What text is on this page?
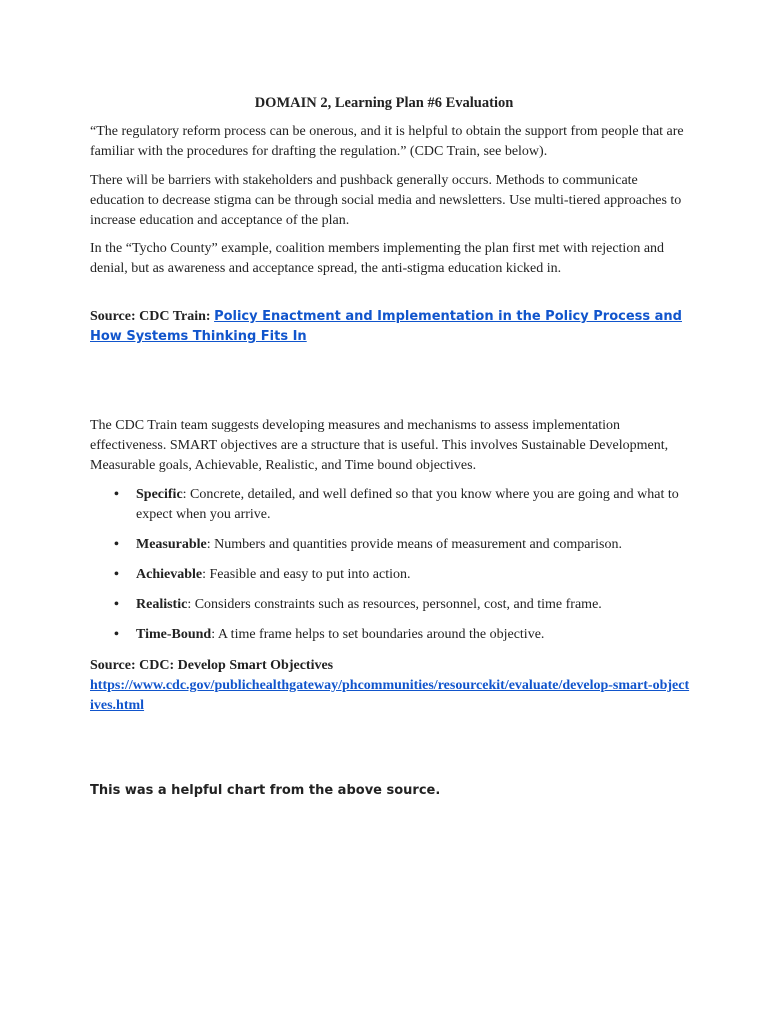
DOMAIN 2, Learning Plan #6 Evaluation

“The regulatory reform process can be onerous, and it is helpful to obtain the support from people that are familiar with the procedures for drafting the regulation.” (CDC Train, see below).

There will be barriers with stakeholders and pushback generally occurs. Methods to communicate education to decrease stigma can be through social media and newsletters. Use multi-tiered approaches to increase education and acceptance of the plan.

In the “Tycho County” example, coalition members implementing the plan first met with rejection and denial, but as awareness and acceptance spread, the anti-stigma education kicked in.

Source: CDC Train: Policy Enactment and Implementation in the Policy Process and How Systems Thinking Fits In

The CDC Train team suggests developing measures and mechanisms to assess implementation effectiveness. SMART objectives are a structure that is useful. This involves Sustainable Development, Measurable goals, Achievable, Realistic, and Time bound objectives.

• Specific: Concrete, detailed, and well defined so that you know where you are going and what to expect when you arrive.
• Measurable: Numbers and quantities provide means of measurement and comparison.
• Achievable: Feasible and easy to put into action.
• Realistic: Considers constraints such as resources, personnel, cost, and time frame.
• Time-Bound: A time frame helps to set boundaries around the objective.

Source: CDC: Develop Smart Objectives
https://www.cdc.gov/publichealthgateway/phcommunities/resourcekit/evaluate/develop-smart-objectives.html

This was a helpful chart from the above source.
